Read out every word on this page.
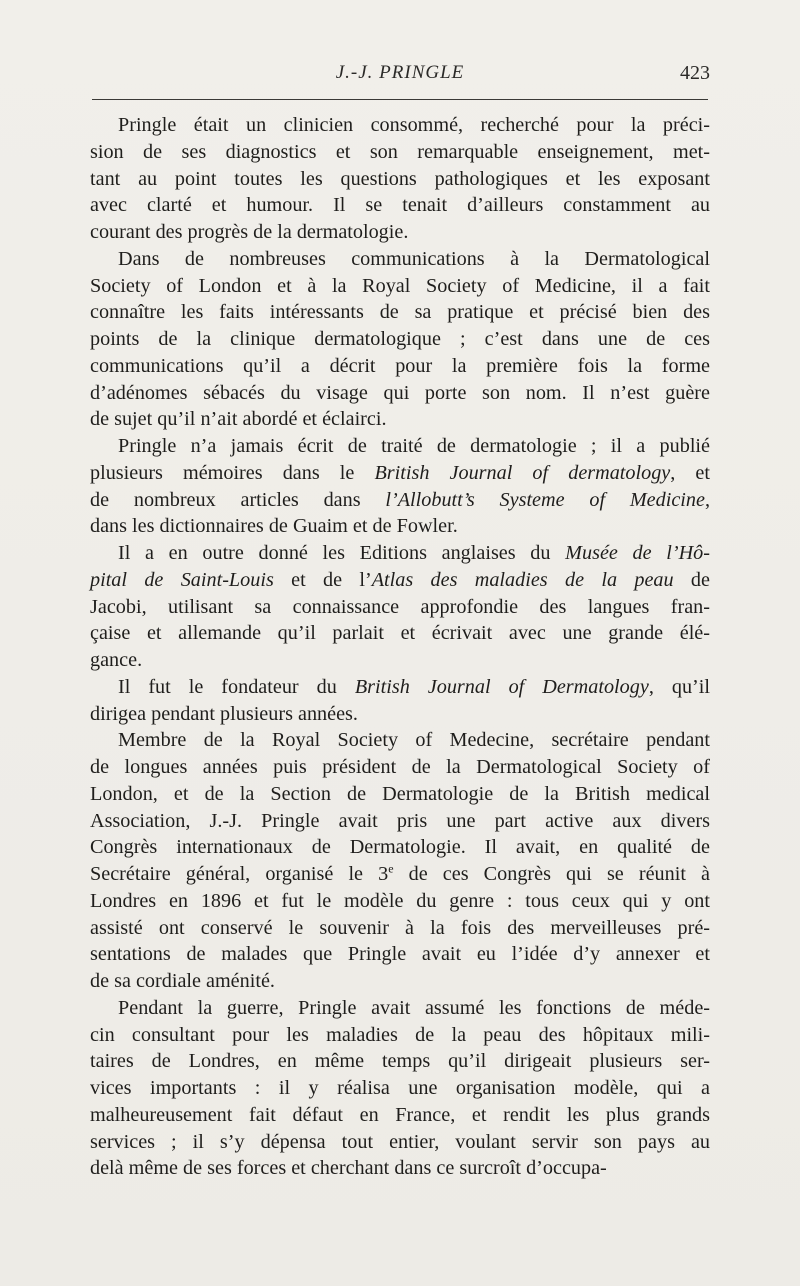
J.-J. PRINGLE	423
Pringle était un clinicien consommé, recherché pour la préci-
sion de ses diagnostics et son remarquable enseignement, met-
tant au point toutes les questions pathologiques et les exposant
avec clarté et humour. Il se tenait d’ailleurs constamment au
courant des progrès de la dermatologie.
Dans de nombreuses communications à la Dermatological
Society of London et à la Royal Society of Medicine, il a fait
connaître les faits intéressants de sa pratique et précisé bien des
points de la clinique dermatologique ; c’est dans une de ces
communications qu’il a décrit pour la première fois la forme
d’adénomes sébacés du visage qui porte son nom. Il n’est guère
de sujet qu’il n’ait abordé et éclairci.
Pringle n’a jamais écrit de traité de dermatologie ; il a publié
plusieurs mémoires dans le British Journal of dermatology, et
de nombreux articles dans l’Allobutt’s Systeme of Medicine,
dans les dictionnaires de Guaim et de Fowler.
Il a en outre donné les Editions anglaises du Musée de l’Hô-
pital de Saint-Louis et de l’Atlas des maladies de la peau de
Jacobi, utilisant sa connaissance approfondie des langues fran-
çaise et allemande qu’il parlait et écrivait avec une grande élé-
gance.
Il fut le fondateur du British Journal of Dermatology, qu’il
dirigea pendant plusieurs années.
Membre de la Royal Society of Medecine, secrétaire pendant
de longues années puis président de la Dermatological Society of
London, et de la Section de Dermatologie de la British medical
Association, J.-J. Pringle avait pris une part active aux divers
Congrès internationaux de Dermatologie. Il avait, en qualité de
Secrétaire général, organisé le 3e de ces Congrès qui se réunit à
Londres en 1896 et fut le modèle du genre : tous ceux qui y ont
assisté ont conservé le souvenir à la fois des merveilleuses pré-
sentations de malades que Pringle avait eu l’idée d’y annexer et
de sa cordiale aménité.
Pendant la guerre, Pringle avait assumé les fonctions de méde-
cin consultant pour les maladies de la peau des hôpitaux mili-
taires de Londres, en même temps qu’il dirigeait plusieurs ser-
vices importants : il y réalisa une organisation modèle, qui a
malheureusement fait défaut en France, et rendit les plus grands
services ; il s’y dépensa tout entier, voulant servir son pays au
delà même de ses forces et cherchant dans ce surcroît d’occupa-
